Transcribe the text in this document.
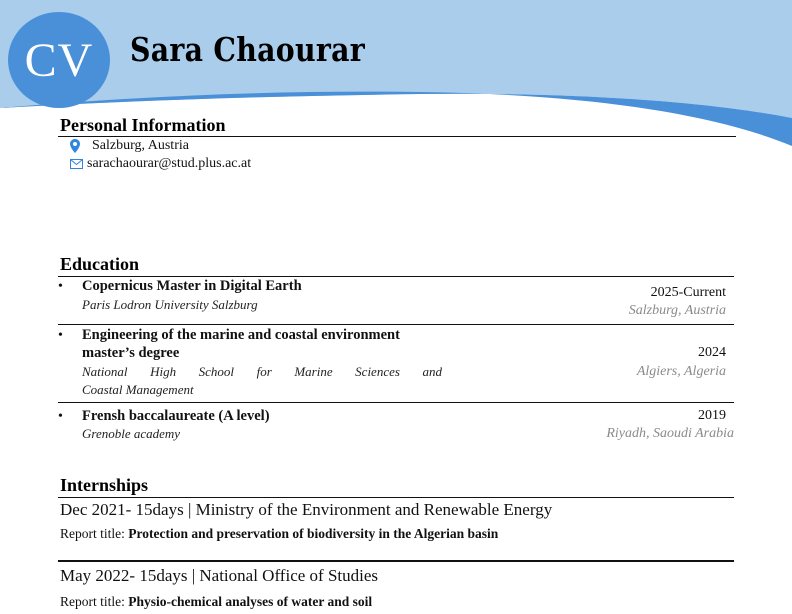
CV	Sara Chaourar
Personal Information
Salzburg, Austria
sarachaourar@stud.plus.ac.at
Education
• Copernicus Master in Digital Earth
Paris Lodron University Salzburg
2025-Current
Salzburg, Austria
• Engineering of the marine and coastal environment
master’s degree
National High School for Marine Sciences and
Coastal Management
2024
Algiers, Algeria
• Frensh baccalaureate (A level)
Grenoble academy
2019
Riyadh, Saoudi Arabia
Internships
Dec 2021- 15days | Ministry of the Environment and Renewable Energy
Report title: Protection and preservation of biodiversity in the Algerian basin
May 2022- 15days | National Office of Studies
Report title: Physio-chemical analyses of water and soil
